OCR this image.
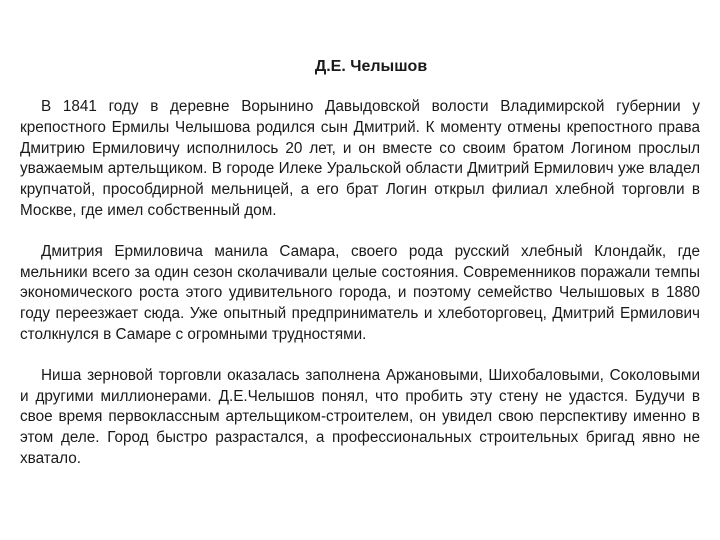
Д.Е. Челышов

В 1841 году в деревне Ворынино Давыдовской волости Владимирской губернии у крепостного Ермилы Челышова родился сын Дмитрий. К моменту отмены крепостного права Дмитрию Ермиловичу исполнилось 20 лет, и он вместе со своим братом Логином прослыл уважаемым артельщиком. В городе Илеке Уральской области Дмитрий Ермилович уже владел крупчатой, прособдирной мельницей, а его брат Логин открыл филиал хлебной торговли в Москве, где имел собственный дом.

Дмитрия Ермиловича манила Самара, своего рода русский хлебный Клондайк, где мельники всего за один сезон сколачивали целые состояния. Современников поражали темпы экономического роста этого удивительного города, и поэтому семейство Челышовых в 1880 году переезжает сюда. Уже опытный предприниматель и хлеботорговец, Дмитрий Ермилович столкнулся в Самаре с огромными трудностями.

Ниша зерновой торговли оказалась заполнена Аржановыми, Шихобаловыми, Соколовыми и другими миллионерами. Д.Е.Челышов понял, что пробить эту стену не удастся. Будучи в свое время первоклассным артельщиком-строителем, он увидел свою перспективу именно в этом деле. Город быстро разрастался, а профессиональных строительных бригад явно не хватало.
